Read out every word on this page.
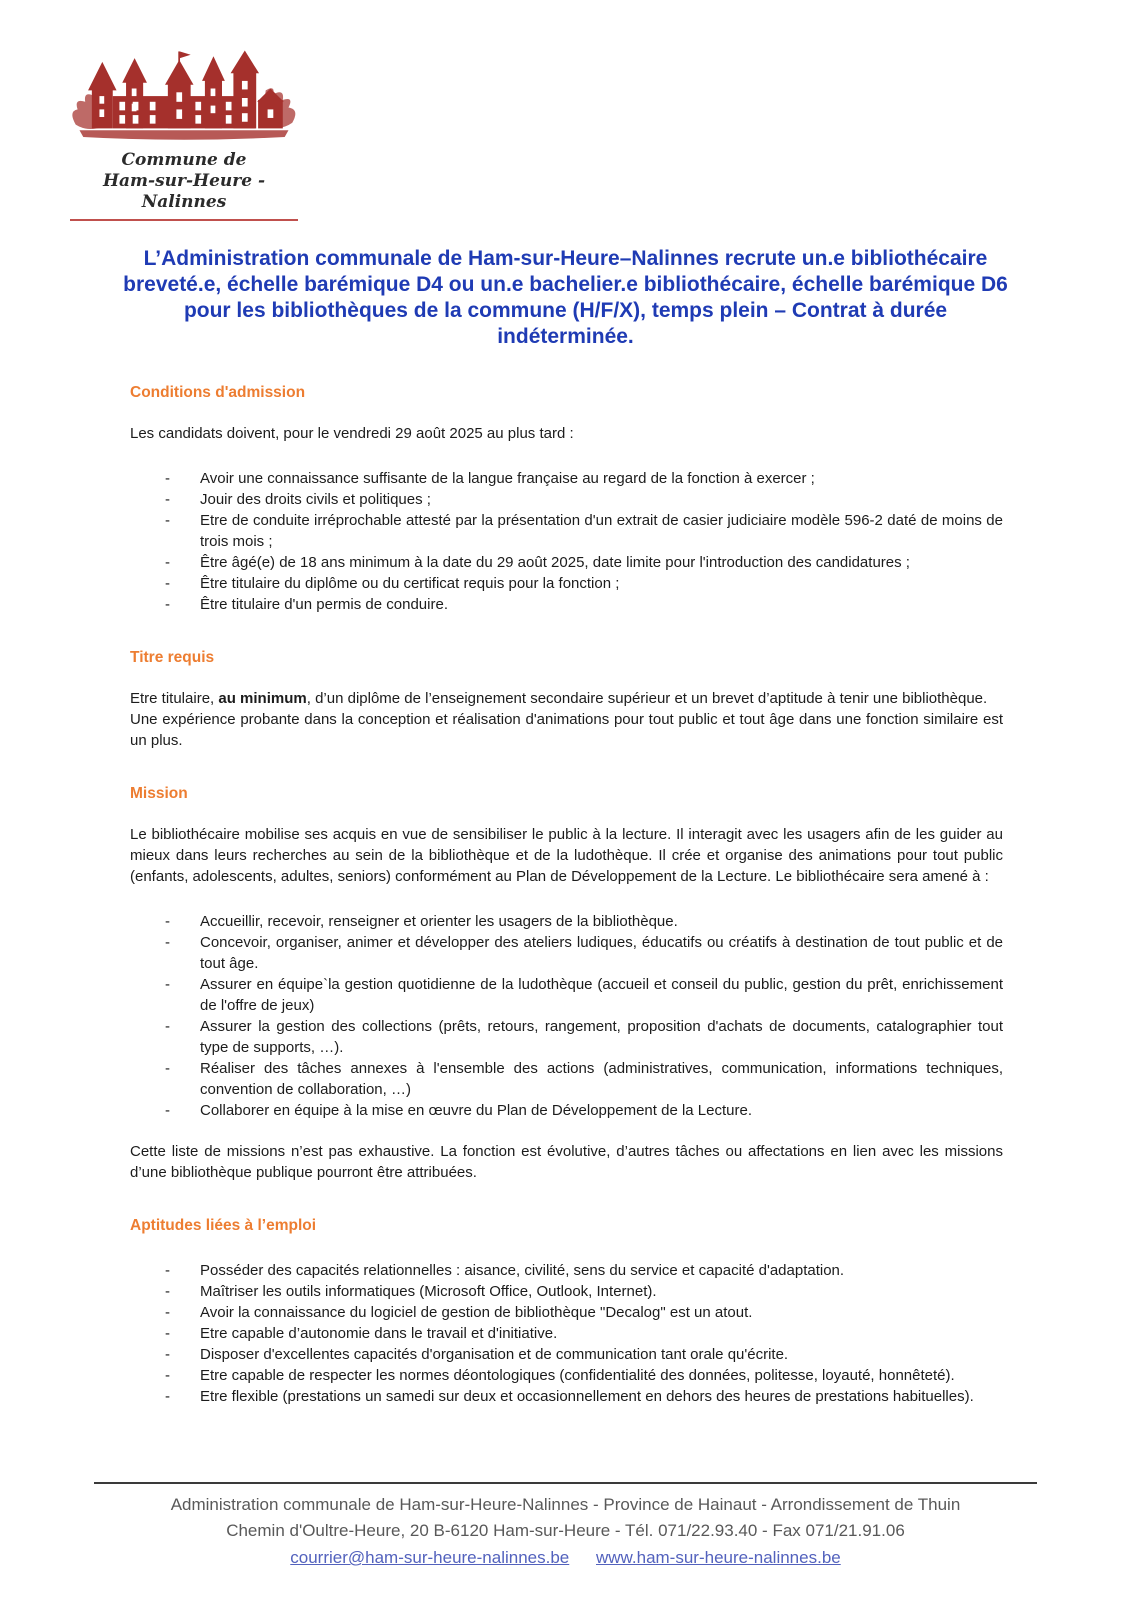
Commune de
Ham-sur-Heure - Nalinnes
L’Administration communale de Ham-sur-Heure–Nalinnes recrute un.e bibliothécaire
breveté.e, échelle barémique D4 ou un.e bachelier.e bibliothécaire, échelle barémique D6
pour les bibliothèques de la commune (H/F/X), temps plein – Contrat à durée
indéterminée.
Conditions d'admission
Les candidats doivent, pour le vendredi 29 août 2025 au plus tard :
-	Avoir une connaissance suffisante de la langue française au regard de la fonction à exercer ;
-	Jouir des droits civils et politiques ;
-	Etre de conduite irréprochable attesté par la présentation d'un extrait de casier judiciaire modèle 596-2 daté de moins de trois mois ;
-	Être âgé(e) de 18 ans minimum à la date du 29 août 2025, date limite pour l'introduction des candidatures ;
-	Être titulaire du diplôme ou du certificat requis pour la fonction ;
-	Être titulaire d'un permis de conduire.
Titre requis
Etre titulaire, au minimum, d’un diplôme de l’enseignement secondaire supérieur et un brevet d’aptitude à tenir une bibliothèque.
Une expérience probante dans la conception et réalisation d'animations pour tout public et tout âge dans une fonction similaire est un plus.
Mission
Le bibliothécaire mobilise ses acquis en vue de sensibiliser le public à la lecture. Il interagit avec les usagers afin de les guider au mieux dans leurs recherches au sein de la bibliothèque et de la ludothèque. Il crée et organise des animations pour tout public (enfants, adolescents, adultes, seniors) conformément au Plan de Développement de la Lecture. Le bibliothécaire sera amené à :
-	Accueillir, recevoir, renseigner et orienter les usagers de la bibliothèque.
-	Concevoir, organiser, animer et développer des ateliers ludiques, éducatifs ou créatifs à destination de tout public et de tout âge.
-	Assurer en équipe`la gestion quotidienne de la ludothèque (accueil et conseil du public, gestion du prêt, enrichissement de l'offre de jeux)
-	Assurer la gestion des collections (prêts, retours, rangement, proposition d'achats de documents, catalographier tout type de supports, …).
-	Réaliser des tâches annexes à l'ensemble des actions (administratives, communication, informations techniques, convention de collaboration, …)
-	Collaborer en équipe à la mise en œuvre du Plan de Développement de la Lecture.
Cette liste de missions n’est pas exhaustive. La fonction est évolutive, d’autres tâches ou affectations en lien avec les missions d’une bibliothèque publique pourront être attribuées.
Aptitudes liées à l’emploi
-	Posséder des capacités relationnelles : aisance, civilité, sens du service et capacité d'adaptation.
-	Maîtriser les outils informatiques (Microsoft Office, Outlook, Internet).
-	Avoir la connaissance du logiciel de gestion de bibliothèque "Decalog" est un atout.
-	Etre capable d’autonomie dans le travail et d'initiative.
-	Disposer d'excellentes capacités d'organisation et de communication tant orale qu'écrite.
-	Etre capable de respecter les normes déontologiques (confidentialité des données, politesse, loyauté, honnêteté).
-	Etre flexible (prestations un samedi sur deux et occasionnellement en dehors des heures de prestations habituelles).
Administration communale de Ham-sur-Heure-Nalinnes - Province de Hainaut - Arrondissement de Thuin
Chemin d'Oultre-Heure, 20 B-6120 Ham-sur-Heure - Tél. 071/22.93.40 - Fax 071/21.91.06
courrier@ham-sur-heure-nalinnes.be www.ham-sur-heure-nalinnes.be
